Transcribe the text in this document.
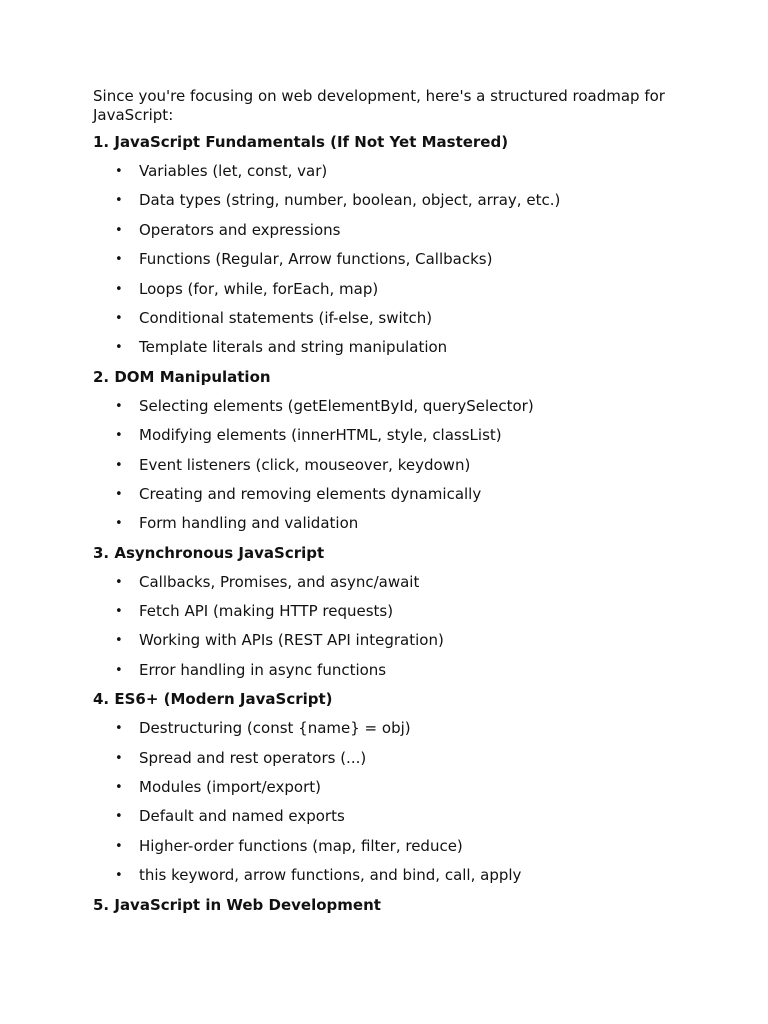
Since you're focusing on web development, here's a structured roadmap for JavaScript:

1. JavaScript Fundamentals (If Not Yet Mastered)
• Variables (let, const, var)
• Data types (string, number, boolean, object, array, etc.)
• Operators and expressions
• Functions (Regular, Arrow functions, Callbacks)
• Loops (for, while, forEach, map)
• Conditional statements (if-else, switch)
• Template literals and string manipulation
2. DOM Manipulation
• Selecting elements (getElementById, querySelector)
• Modifying elements (innerHTML, style, classList)
• Event listeners (click, mouseover, keydown)
• Creating and removing elements dynamically
• Form handling and validation
3. Asynchronous JavaScript
• Callbacks, Promises, and async/await
• Fetch API (making HTTP requests)
• Working with APIs (REST API integration)
• Error handling in async functions
4. ES6+ (Modern JavaScript)
• Destructuring (const {name} = obj)
• Spread and rest operators (...)
• Modules (import/export)
• Default and named exports
• Higher-order functions (map, filter, reduce)
• this keyword, arrow functions, and bind, call, apply
5. JavaScript in Web Development
